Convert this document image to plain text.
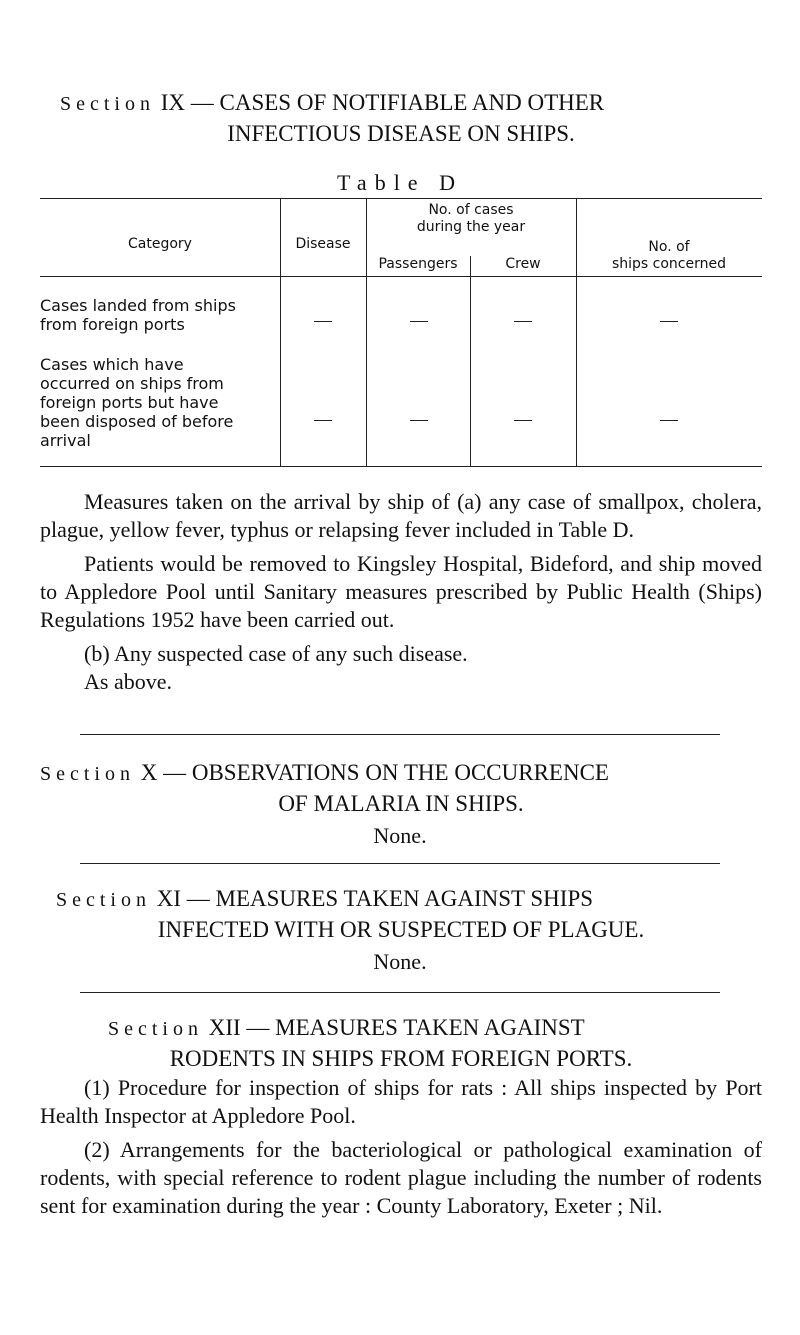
Section IX — CASES OF NOTIFIABLE AND OTHER
INFECTIOUS DISEASE ON SHIPS.
Table D
Category	Disease
No. of cases
during the year
Passengers	Crew
No. of
ships concerned
Cases landed from ships
from foreign ports
Cases which have
occurred on ships from
foreign ports but have
been disposed of before
arrival

Measures taken on the arrival by ship of (a) any case of smallpox, cholera, plague, yellow fever, typhus or relapsing fever included in Table D.

Patients would be removed to Kingsley Hospital, Bideford, and ship moved to Appledore Pool until Sanitary measures prescribed by Public Health (Ships) Regulations 1952 have been carried out.

(b) Any suspected case of any such disease.

As above.

Section X — OBSERVATIONS ON THE OCCURRENCE
OF MALARIA IN SHIPS.

None.

Section XI — MEASURES TAKEN AGAINST SHIPS
INFECTED WITH OR SUSPECTED OF PLAGUE.

None.

Section XII — MEASURES TAKEN AGAINST
RODENTS IN SHIPS FROM FOREIGN PORTS.

(1) Procedure for inspection of ships for rats : All ships inspected by Port Health Inspector at Appledore Pool.

(2) Arrangements for the bacteriological or pathological examination of rodents, with special reference to rodent plague including the number of rodents sent for examination during the year : County Laboratory, Exeter ; Nil.
